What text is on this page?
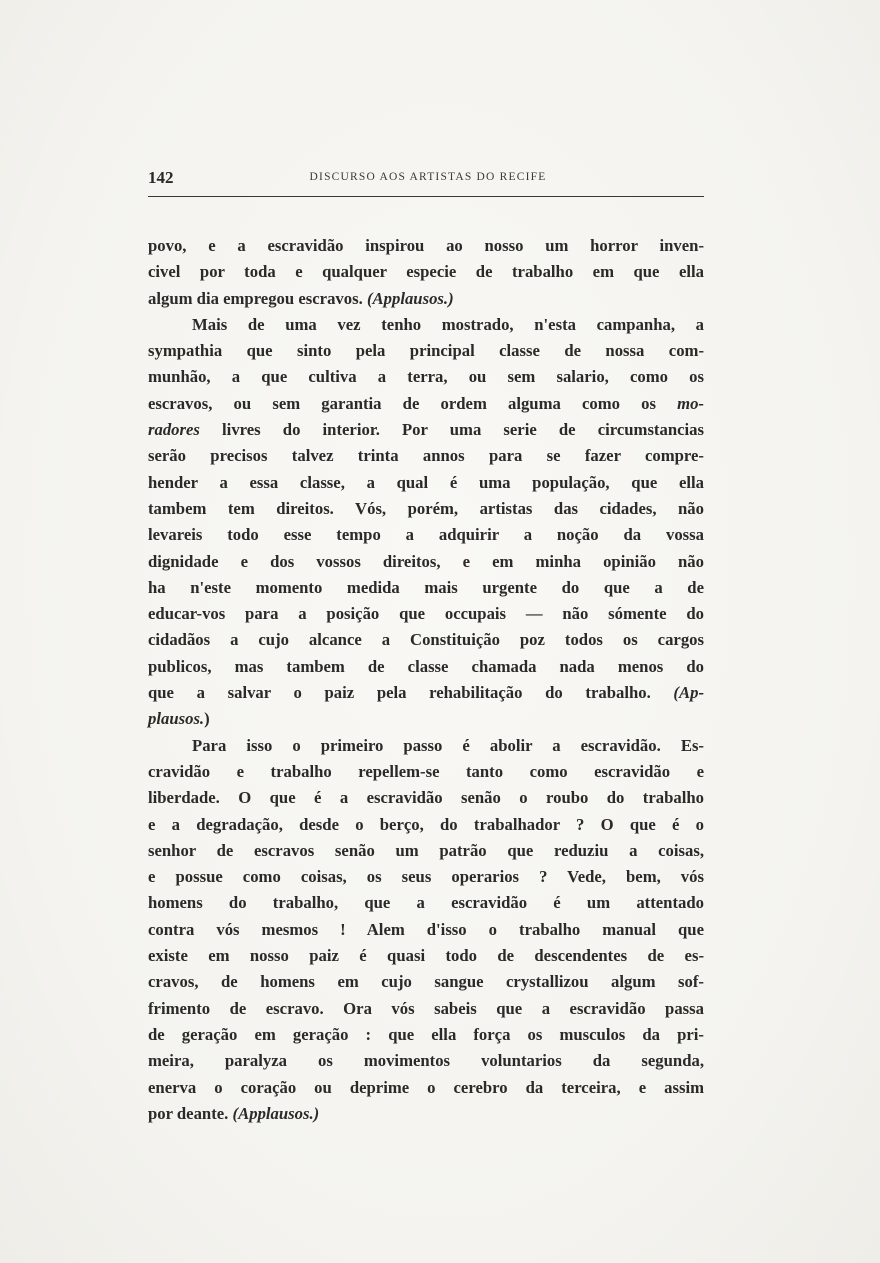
142	DISCURSO AOS ARTISTAS DO RECIFE
povo, e a escravidão inspirou ao nosso um horror inven-
civel por toda e qualquer especie de trabalho em que ella
algum dia empregou escravos. (Applausos.)
Mais de uma vez tenho mostrado, n'esta campanha, a
sympathia que sinto pela principal classe de nossa com-
munhão, a que cultiva a terra, ou sem salario, como os
escravos, ou sem garantia de ordem alguma como os mo-
radores livres do interior. Por uma serie de circumstancias
serão precisos talvez trinta annos para se fazer compre-
hender a essa classe, a qual é uma população, que ella
tambem tem direitos. Vós, porém, artistas das cidades, não
levareis todo esse tempo a adquirir a noção da vossa
dignidade e dos vossos direitos, e em minha opinião não
ha n'este momento medida mais urgente do que a de
educar-vos para a posição que occupais — não sómente do
cidadãos a cujo alcance a Constituição poz todos os cargos
publicos, mas tambem de classe chamada nada menos do
que a salvar o paiz pela rehabilitação do trabalho. (Ap-
plausos.)
Para isso o primeiro passo é abolir a escravidão. Es-
cravidão e trabalho repellem-se tanto como escravidão e
liberdade. O que é a escravidão senão o roubo do trabalho
e a degradação, desde o berço, do trabalhador ? O que é o
senhor de escravos senão um patrão que reduziu a coisas,
e possue como coisas, os seus operarios ? Vede, bem, vós
homens do trabalho, que a escravidão é um attentado
contra vós mesmos ! Alem d'isso o trabalho manual que
existe em nosso paiz é quasi todo de descendentes de es-
cravos, de homens em cujo sangue crystallizou algum sof-
frimento de escravo. Ora vós sabeis que a escravidão passa
de geração em geração : que ella força os musculos da pri-
meira, paralyza os movimentos voluntarios da segunda,
enerva o coração ou deprime o cerebro da terceira, e assim
por deante. (Applausos.)
